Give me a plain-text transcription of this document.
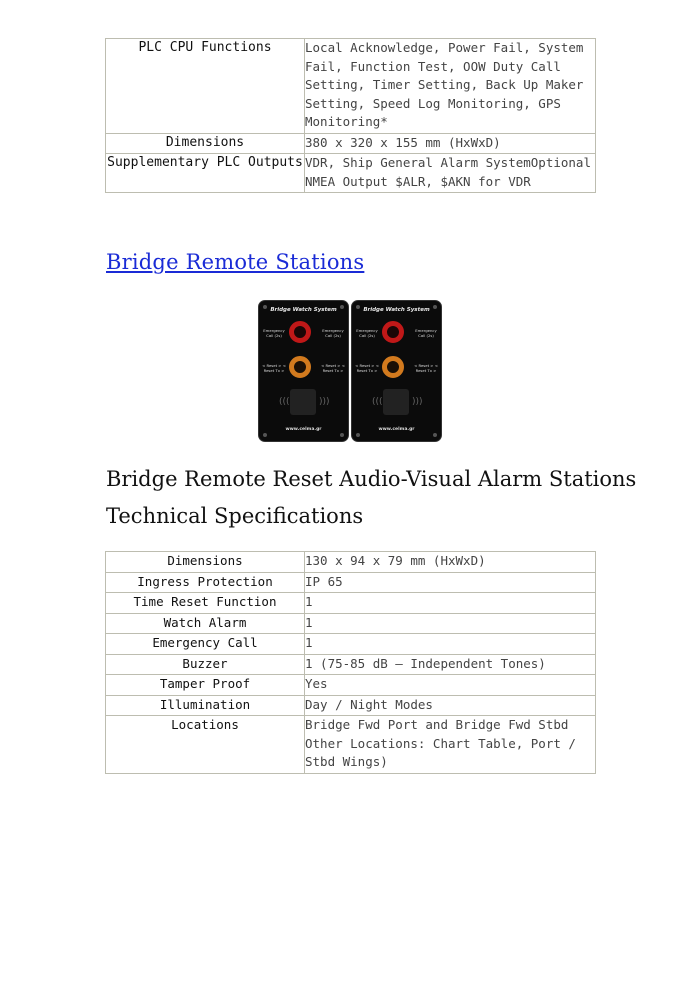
PLC CPU Functions	Local Acknowledge, Power Fail, System Fail, Function Test, OOW Duty Call Setting, Timer Setting, Back Up Maker Setting, Speed Log Monitoring, GPS Monitoring*
Dimensions	380 x 320 x 155 mm (HxWxD)
Supplementary PLC Outputs	VDR, Ship General Alarm SystemOptional NMEA Output $ALR, $AKN for VDR
Bridge Remote Stations
Bridge Watch System
Emergency Call (2s)
Emergency Call (2s)
< Reset > < Reset Tx >
< Reset > < Reset Tx >
(((	)))
www.celma.gr
Bridge Watch System
Emergency Call (2s)
Emergency Call (2s)
< Reset > < Reset Tx >
< Reset > < Reset Tx >
(((	)))
www.celma.gr
Bridge Remote Reset Audio-Visual Alarm Stations
Technical Specifications
Dimensions	130 x 94 x 79 mm (HxWxD)
Ingress Protection	IP 65
Time Reset Function	1
Watch Alarm	1
Emergency Call	1
Buzzer	1 (75-85 dB – Independent Tones)
Tamper Proof	Yes
Illumination	Day / Night Modes
Locations	Bridge Fwd Port and Bridge Fwd Stbd
Other Locations: Chart Table, Port / Stbd Wings)
